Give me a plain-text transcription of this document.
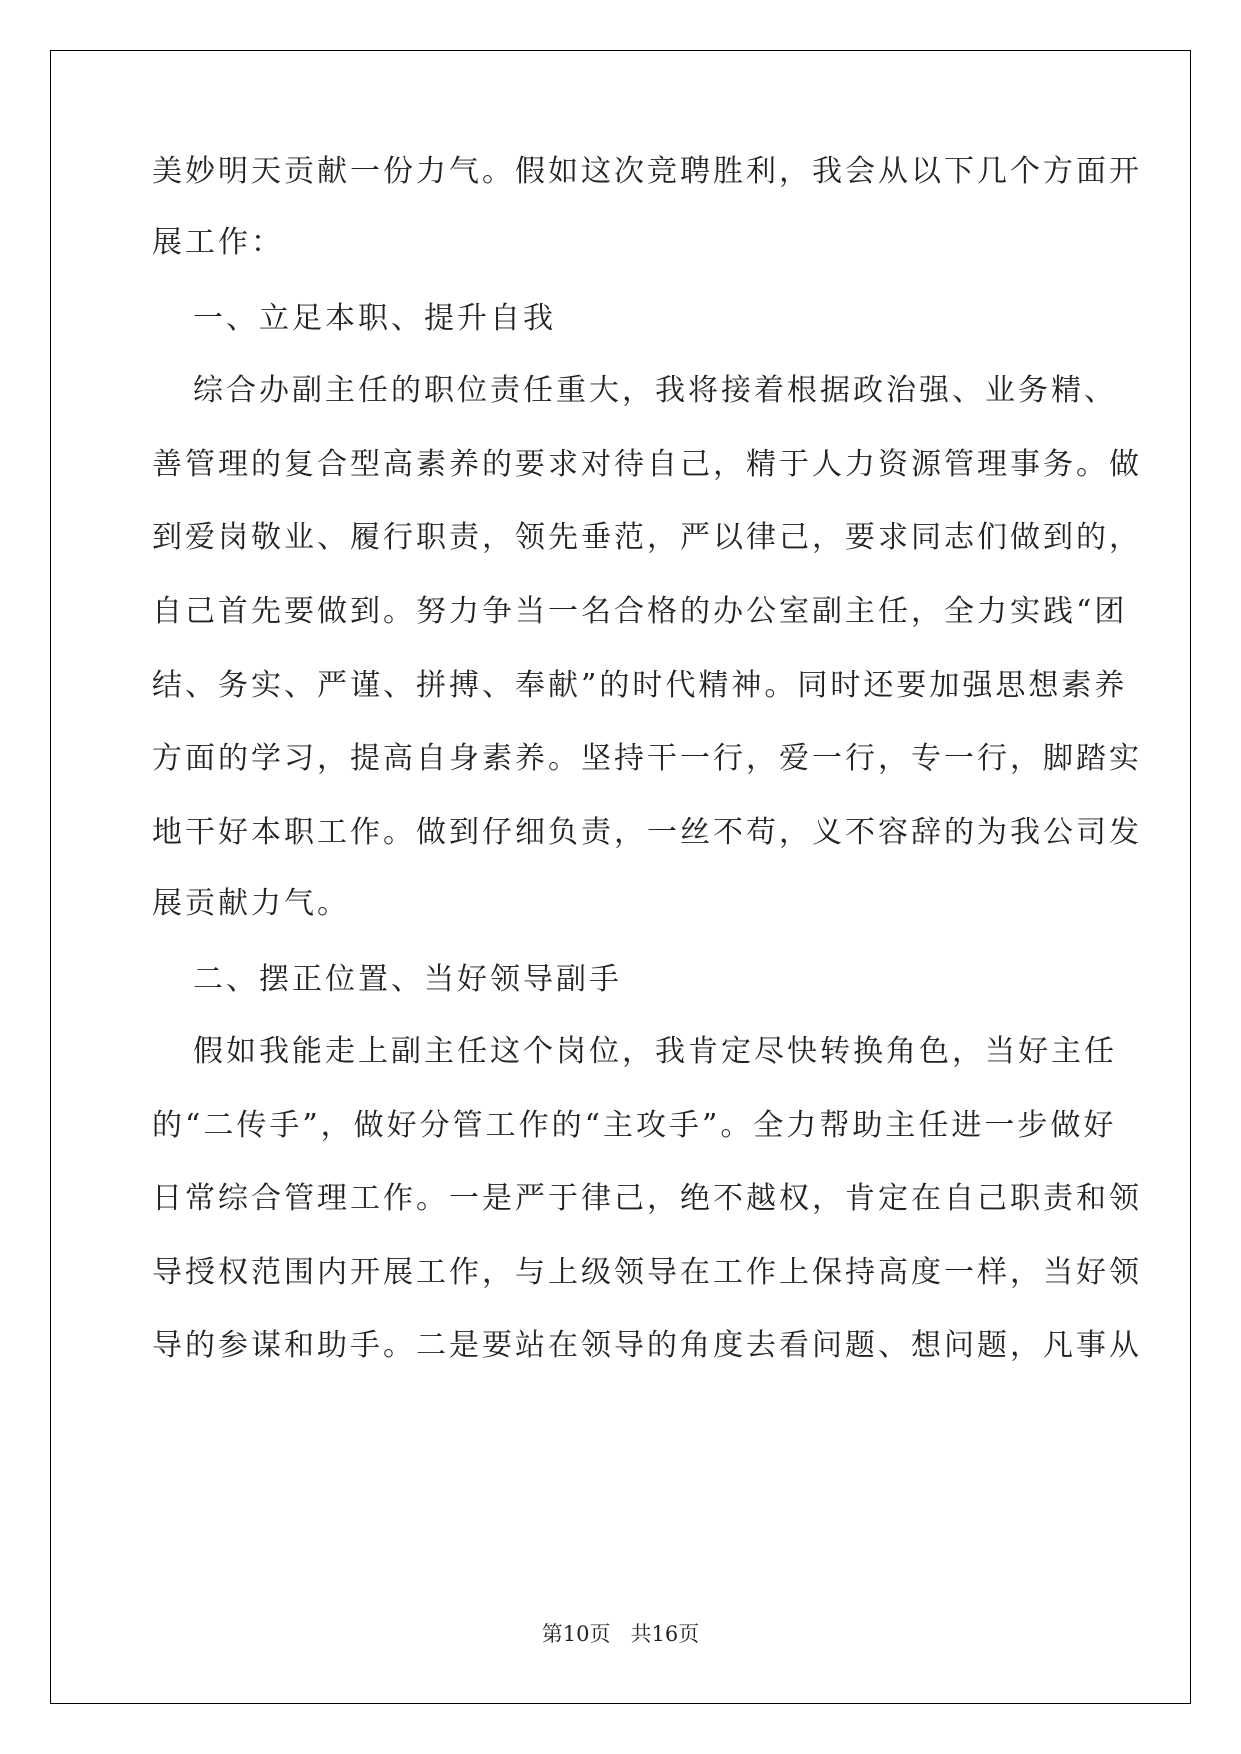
美妙明天贡献一份力气。假如这次竞聘胜利，我会从以下几个方面开

展工作：

一、立足本职、提升自我

综合办副主任的职位责任重大，我将接着根据政治强、业务精、

善管理的复合型高素养的要求对待自己，精于人力资源管理事务。做

到爱岗敬业、履行职责，领先垂范，严以律己，要求同志们做到的，

自己首先要做到。努力争当一名合格的办公室副主任，全力实践“团

结、务实、严谨、拼搏、奉献”的时代精神。同时还要加强思想素养

方面的学习，提高自身素养。坚持干一行，爱一行，专一行，脚踏实

地干好本职工作。做到仔细负责，一丝不苟，义不容辞的为我公司发

展贡献力气。

二、摆正位置、当好领导副手

假如我能走上副主任这个岗位，我肯定尽快转换角色，当好主任

的“二传手”，做好分管工作的“主攻手”。全力帮助主任进一步做好

日常综合管理工作。一是严于律己，绝不越权，肯定在自己职责和领

导授权范围内开展工作，与上级领导在工作上保持高度一样，当好领

导的参谋和助手。二是要站在领导的角度去看问题、想问题，凡事从

第10页 共16页
